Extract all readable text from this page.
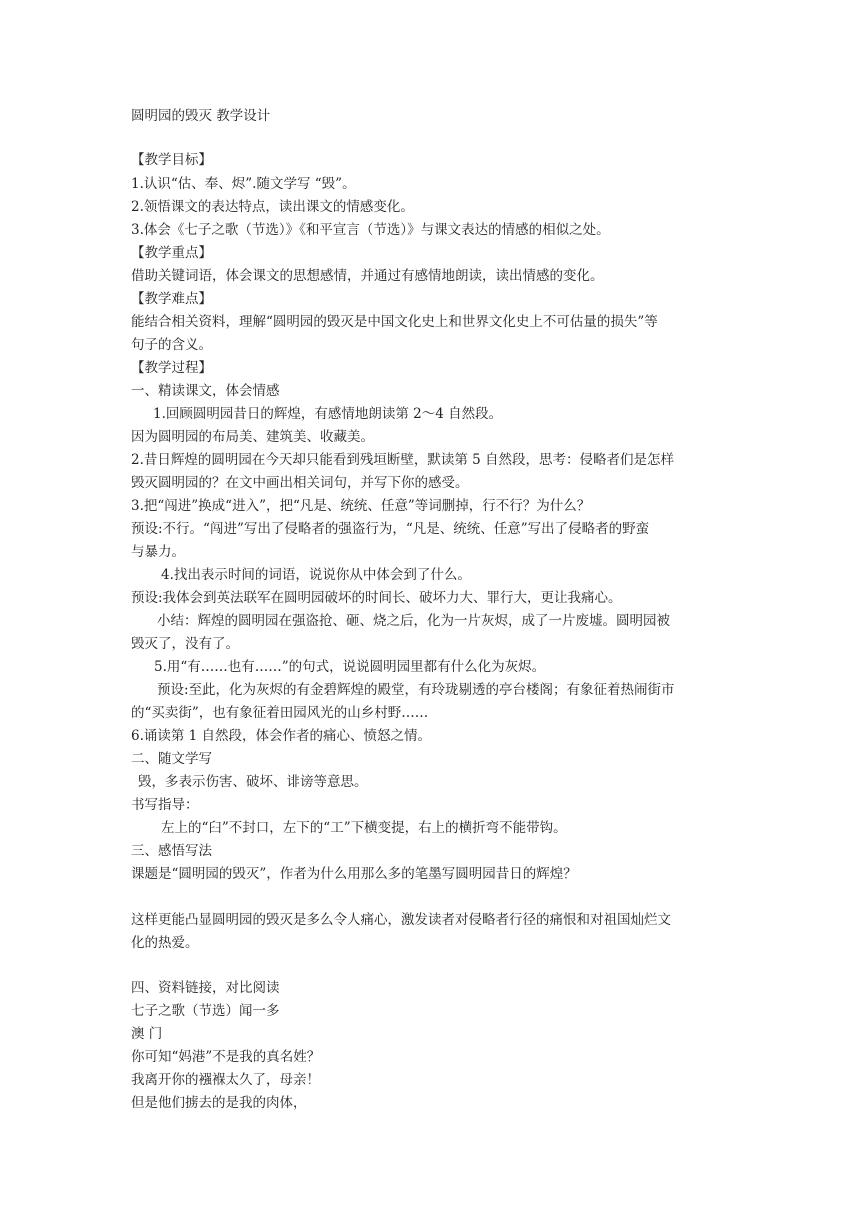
圆明园的毁灭 教学设计
【教学目标】
1.认识“估、奉、烬”.随文学写 “毁”。
2.领悟课文的表达特点，读出课文的情感变化。
3.体会《七子之歌（节选）》《和平宣言（节选）》与课文表达的情感的相似之处。
【教学重点】
借助关键词语，体会课文的思想感情，并通过有感情地朗读，读出情感的变化。
【教学难点】
能结合相关资料，理解“圆明园的毁灭是中国文化史上和世界文化史上不可估量的损失”等
句子的含义。
【教学过程】
一、精读课文，体会情感
1.回顾圆明园昔日的辉煌，有感情地朗读第 2～4 自然段。
因为圆明园的布局美、建筑美、收藏美。
2.昔日辉煌的圆明园在今天却只能看到残垣断壁，默读第 5 自然段，思考：侵略者们是怎样
毁灭圆明园的？在文中画出相关词句，并写下你的感受。
3.把“闯进”换成“进入”，把“凡是、统统、任意”等词删掉，行不行？为什么？
预设:不行。“闯进”写出了侵略者的强盗行为，“凡是、统统、任意”写出了侵略者的野蛮
与暴力。
4.找出表示时间的词语，说说你从中体会到了什么。
预设:我体会到英法联军在圆明园破坏的时间长、破坏力大、罪行大，更让我痛心。
小结：辉煌的圆明园在强盗抢、砸、烧之后，化为一片灰烬，成了一片废墟。圆明园被
毁灭了，没有了。
5.用“有……也有……”的句式，说说圆明园里都有什么化为灰烬。
预设:至此，化为灰烬的有金碧辉煌的殿堂，有玲珑剔透的亭台楼阁；有象征着热闹街市
的“买卖街”，也有象征着田园风光的山乡村野……
6.诵读第 1 自然段，体会作者的痛心、愤怒之情。
二、随文学写
毁，多表示伤害、破坏、诽谤等意思。
书写指导：
左上的“臼”不封口，左下的“工”下横变提，右上的横折弯不能带钩。
三、感悟写法
课题是“圆明园的毁灭”，作者为什么用那么多的笔墨写圆明园昔日的辉煌？
这样更能凸显圆明园的毁灭是多么令人痛心，激发读者对侵略者行径的痛恨和对祖国灿烂文
化的热爱。
四、资料链接，对比阅读
七子之歌（节选）闻一多
澳 门
你可知“妈港”不是我的真名姓？
我离开你的襁褓太久了，母亲！
但是他们掳去的是我的肉体，
